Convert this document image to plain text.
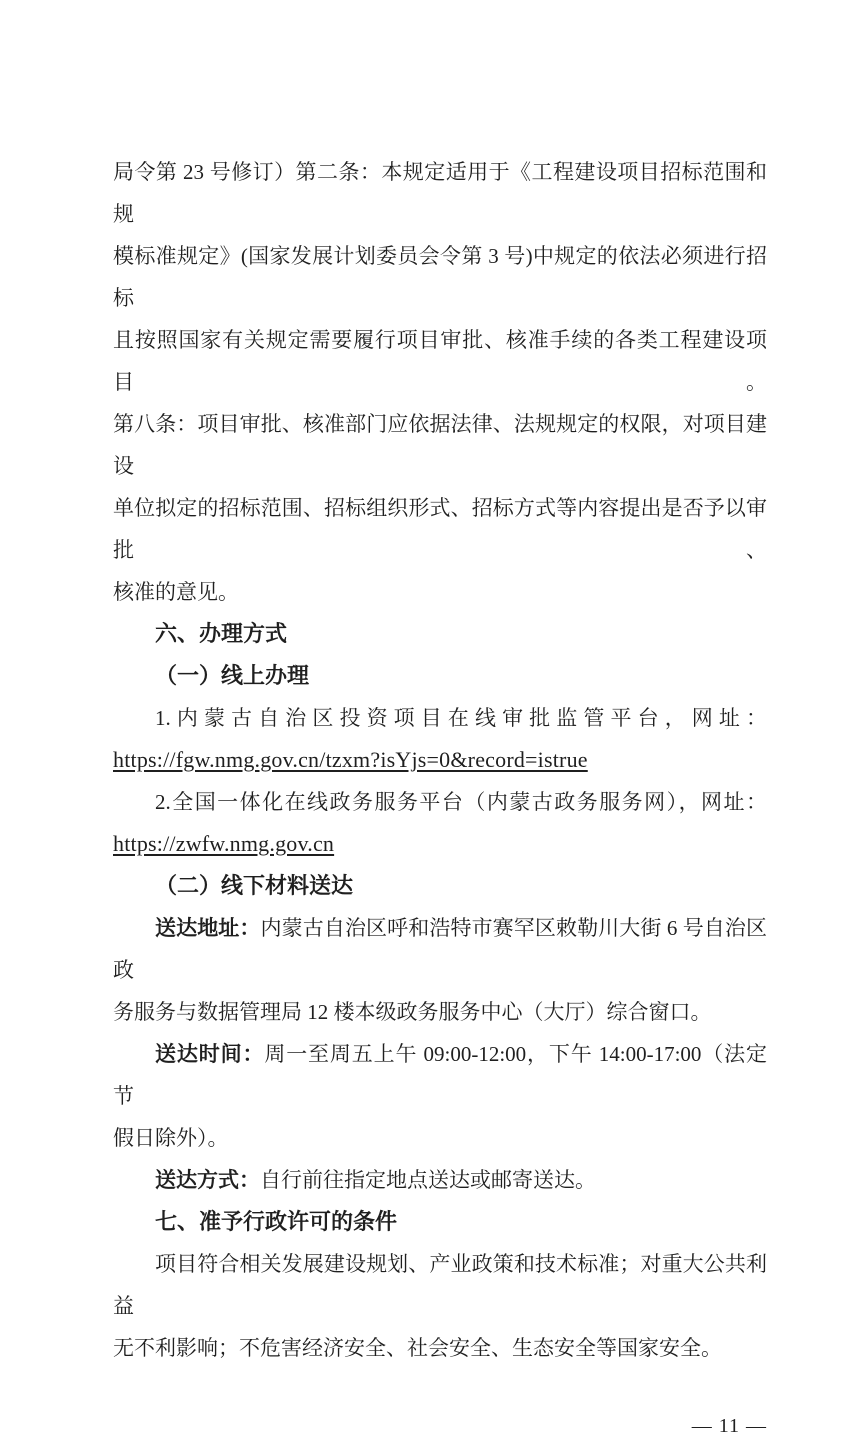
局令第 23 号修订）第二条：本规定适用于《工程建设项目招标范围和规
模标准规定》(国家发展计划委员会令第 3 号)中规定的依法必须进行招标
且按照国家有关规定需要履行项目审批、核准手续的各类工程建设项目。
第八条：项目审批、核准部门应依据法律、法规规定的权限，对项目建设
单位拟定的招标范围、招标组织形式、招标方式等内容提出是否予以审批、
核准的意见。
六、办理方式
（一）线上办理
1.内蒙古自治区投资项目在线审批监管平台，网址：
https://fgw.nmg.gov.cn/tzxm?isYjs=0&record=istrue
2.全国一体化在线政务服务平台（内蒙古政务服务网），网址：
https://zwfw.nmg.gov.cn
（二）线下材料送达
送达地址：内蒙古自治区呼和浩特市赛罕区敕勒川大街 6 号自治区政
务服务与数据管理局 12 楼本级政务服务中心（大厅）综合窗口。
送达时间：周一至周五上午 09:00-12:00，下午 14:00-17:00（法定节
假日除外）。
送达方式：自行前往指定地点送达或邮寄送达。
七、准予行政许可的条件
项目符合相关发展建设规划、产业政策和技术标准；对重大公共利益
无不利影响；不危害经济安全、社会安全、生态安全等国家安全。
— 11 —
